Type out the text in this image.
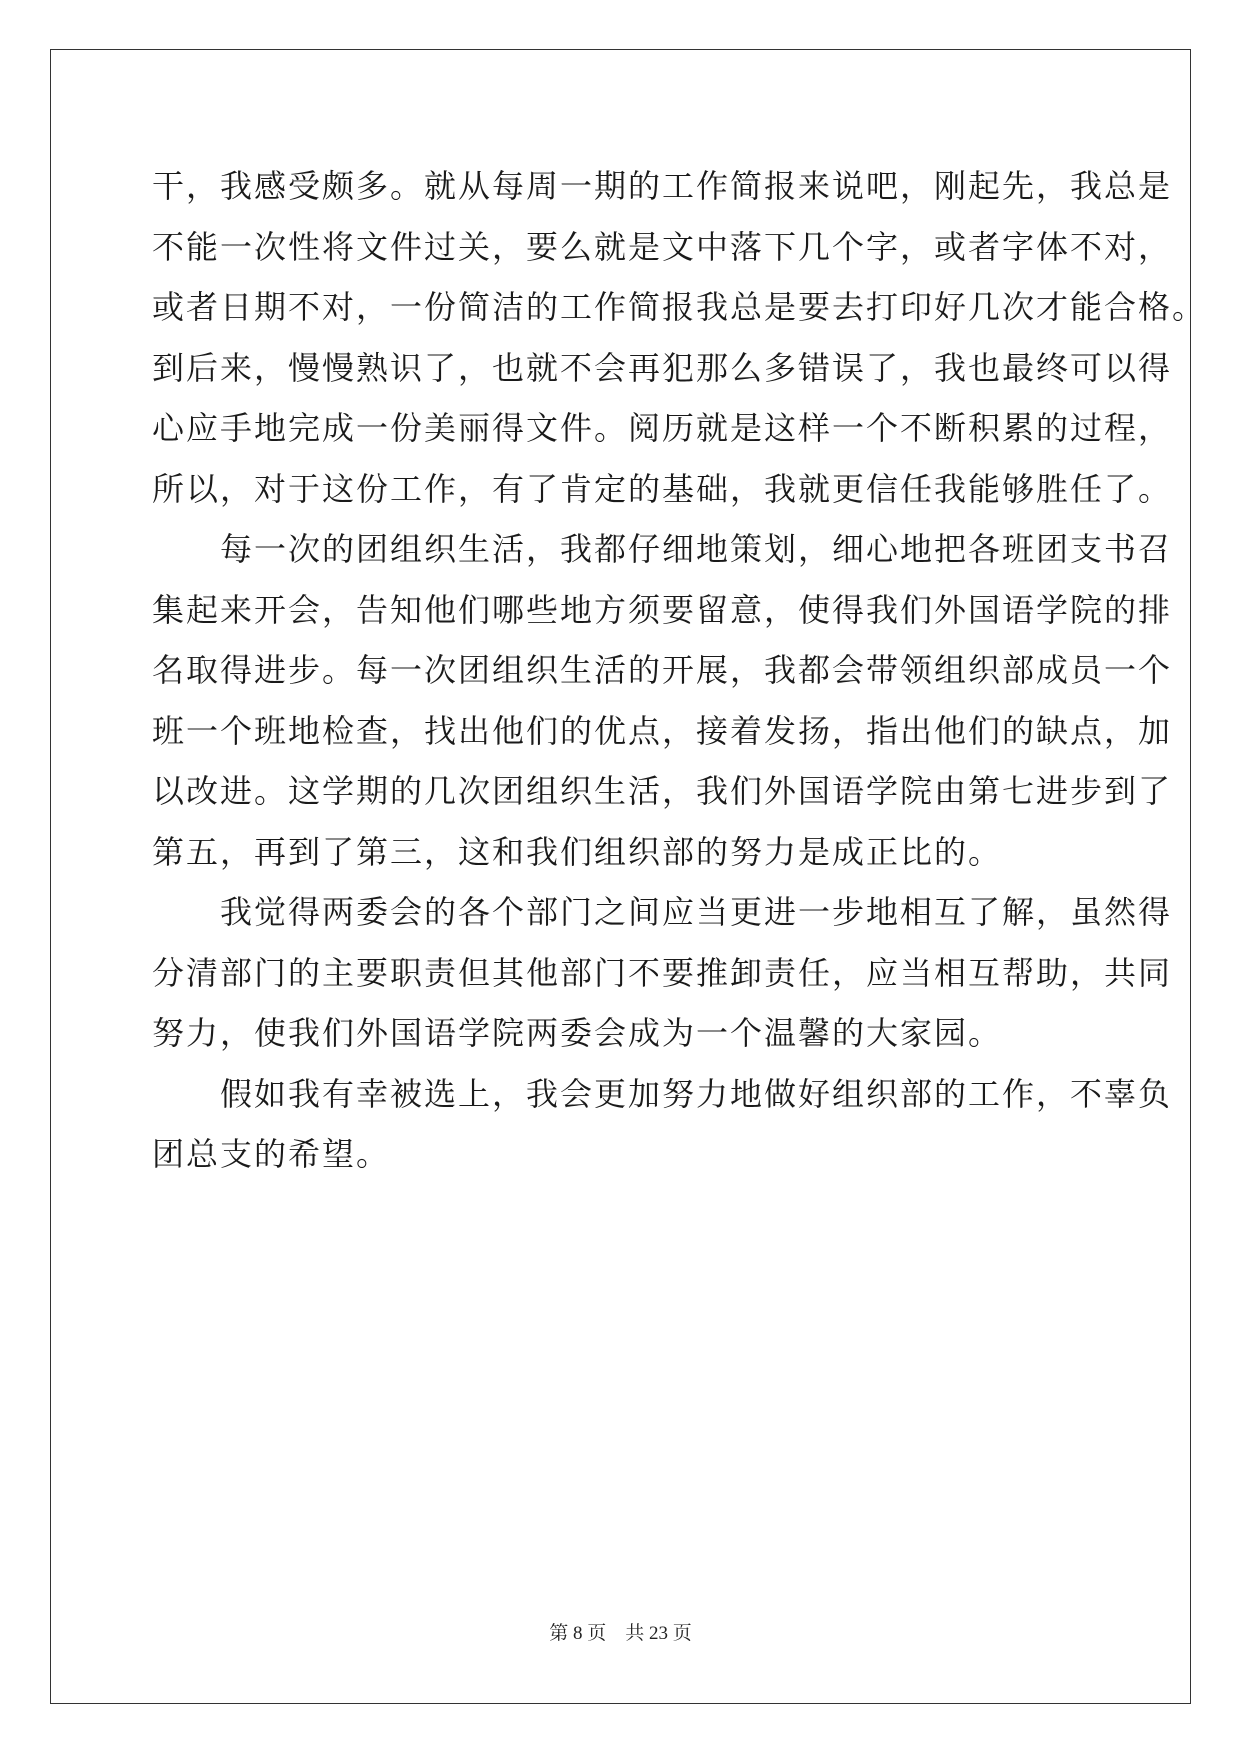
干，我感受颇多。就从每周一期的工作简报来说吧，刚起先，我总是
不能一次性将文件过关，要么就是文中落下几个字，或者字体不对，
或者日期不对，一份简洁的工作简报我总是要去打印好几次才能合格。
到后来，慢慢熟识了，也就不会再犯那么多错误了，我也最终可以得
心应手地完成一份美丽得文件。阅历就是这样一个不断积累的过程，
所以，对于这份工作，有了肯定的基础，我就更信任我能够胜任了。
　　每一次的团组织生活，我都仔细地策划，细心地把各班团支书召
集起来开会，告知他们哪些地方须要留意，使得我们外国语学院的排
名取得进步。每一次团组织生活的开展，我都会带领组织部成员一个
班一个班地检查，找出他们的优点，接着发扬，指出他们的缺点，加
以改进。这学期的几次团组织生活，我们外国语学院由第七进步到了
第五，再到了第三，这和我们组织部的努力是成正比的。
　　我觉得两委会的各个部门之间应当更进一步地相互了解，虽然得
分清部门的主要职责但其他部门不要推卸责任，应当相互帮助，共同
努力，使我们外国语学院两委会成为一个温馨的大家园。
　　假如我有幸被选上，我会更加努力地做好组织部的工作，不辜负
团总支的希望。
第 8 页 共 23 页
